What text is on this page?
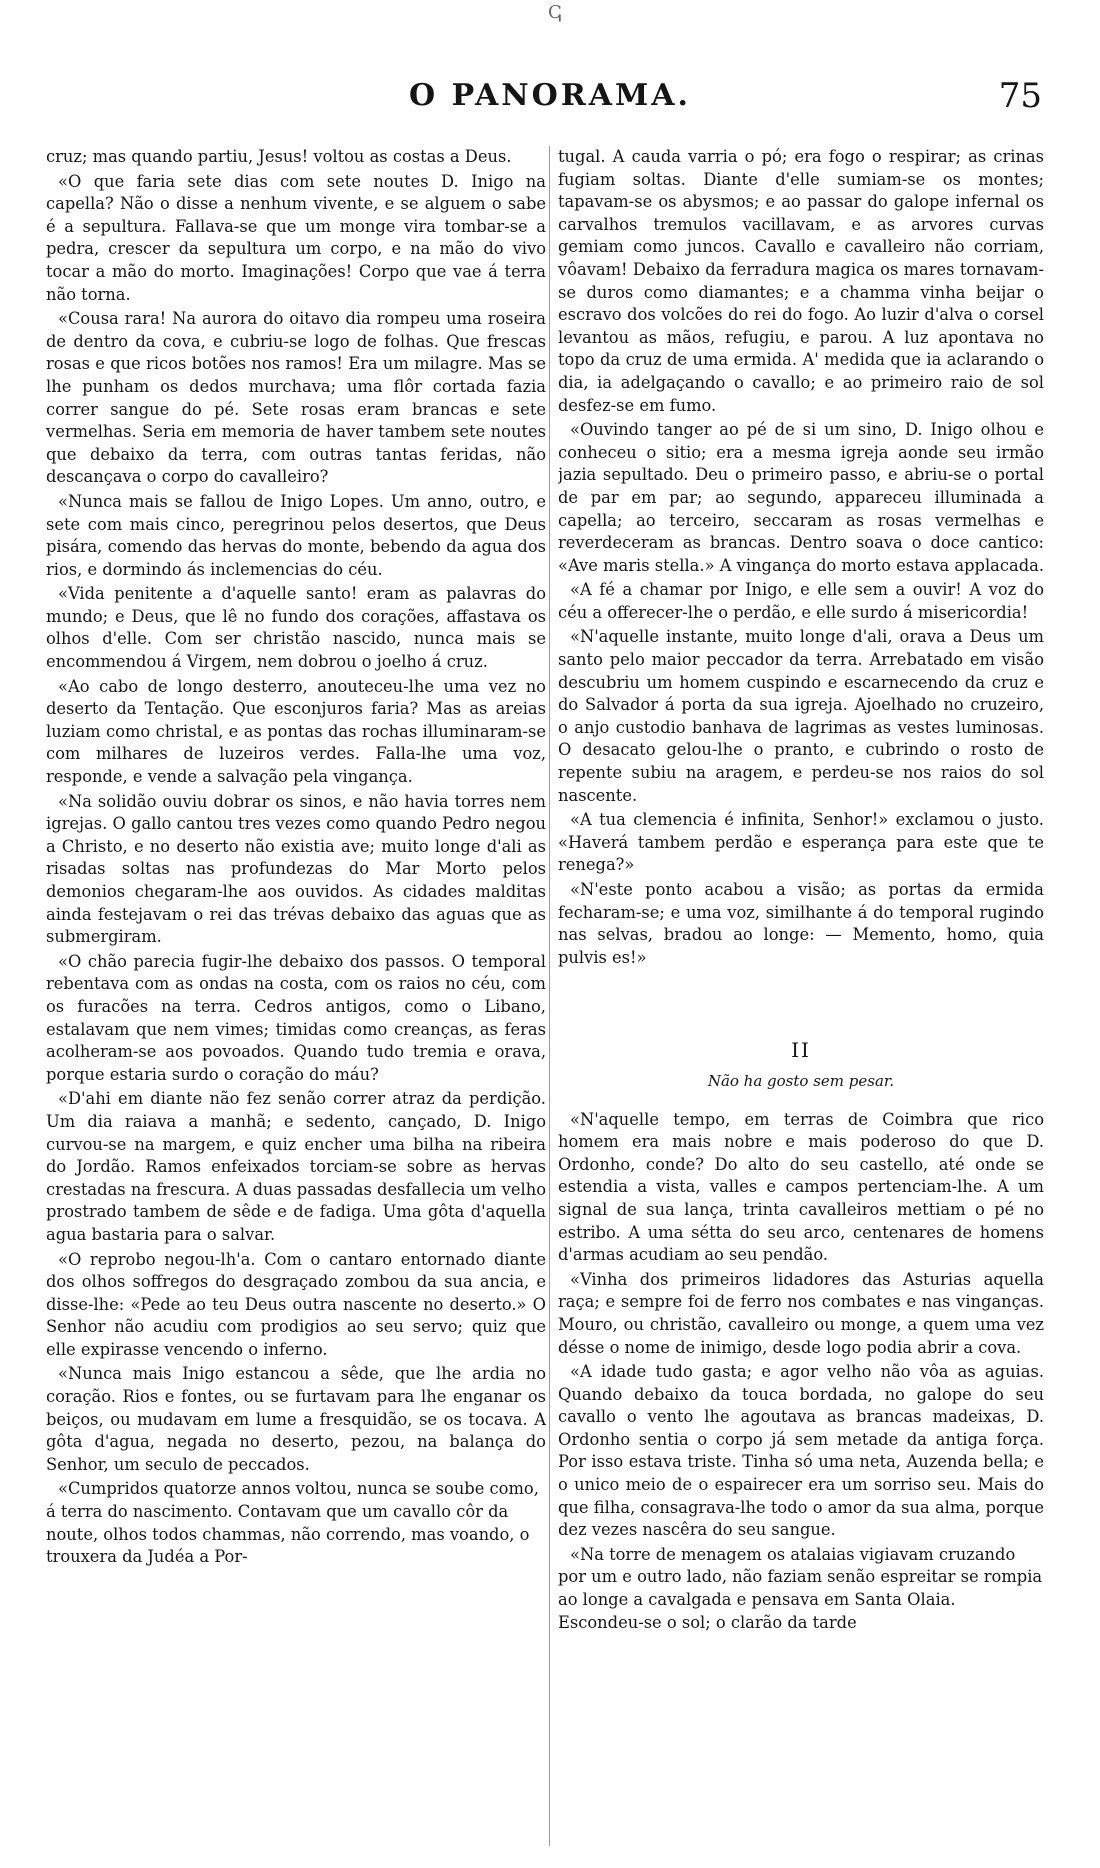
ↅ
O PANORAMA.	75

cruz; mas quando partiu, Jesus! voltou as costas a Deus.

«O que faria sete dias com sete noutes D. Inigo na capella? Não o disse a nenhum vivente, e se alguem o sabe é a sepultura. Fallava-se que um monge vira tombar-se a pedra, crescer da sepultura um corpo, e na mão do vivo tocar a mão do morto. Imaginações! Corpo que vae á terra não torna.

«Cousa rara! Na aurora do oitavo dia rompeu uma roseira de dentro da cova, e cubriu-se logo de folhas. Que frescas rosas e que ricos botões nos ramos! Era um milagre. Mas se lhe punham os dedos murchava; uma flôr cortada fazia correr sangue do pé. Sete rosas eram brancas e sete vermelhas. Seria em memoria de haver tambem sete noutes que debaixo da terra, com outras tantas feridas, não descançava o corpo do cavalleiro?

«Nunca mais se fallou de Inigo Lopes. Um anno, outro, e sete com mais cinco, peregrinou pelos desertos, que Deus pisára, comendo das hervas do monte, bebendo da agua dos rios, e dormindo ás inclemencias do céu.

«Vida penitente a d'aquelle santo! eram as palavras do mundo; e Deus, que lê no fundo dos corações, affastava os olhos d'elle. Com ser christão nascido, nunca mais se encommendou á Virgem, nem dobrou o joelho á cruz.

«Ao cabo de longo desterro, anouteceu-lhe uma vez no deserto da Tentação. Que esconjuros faria? Mas as areias luziam como christal, e as pontas das rochas illuminaram-se com milhares de luzeiros verdes. Falla-lhe uma voz, responde, e vende a salvação pela vingança.

«Na solidão ouviu dobrar os sinos, e não havia torres nem igrejas. O gallo cantou tres vezes como quando Pedro negou a Christo, e no deserto não existia ave; muito longe d'ali as risadas soltas nas profundezas do Mar Morto pelos demonios chegaram-lhe aos ouvidos. As cidades malditas ainda festejavam o rei das trévas debaixo das aguas que as submergiram.

«O chão parecia fugir-lhe debaixo dos passos. O temporal rebentava com as ondas na costa, com os raios no céu, com os furacões na terra. Cedros antigos, como o Libano, estalavam que nem vimes; timidas como creanças, as feras acolheram-se aos povoados. Quando tudo tremia e orava, porque estaria surdo o coração do máu?

«D'ahi em diante não fez senão correr atraz da perdição. Um dia raiava a manhã; e sedento, cançado, D. Inigo curvou-se na margem, e quiz encher uma bilha na ribeira do Jordão. Ramos enfeixados torciam-se sobre as hervas crestadas na frescura. A duas passadas desfallecia um velho prostrado tambem de sêde e de fadiga. Uma gôta d'aquella agua bastaria para o salvar.

«O reprobo negou-lh'a. Com o cantaro entornado diante dos olhos soffregos do desgraçado zombou da sua ancia, e disse-lhe: «Pede ao teu Deus outra nascente no deserto.» O Senhor não acudiu com prodigios ao seu servo; quiz que elle expirasse vencendo o inferno.

«Nunca mais Inigo estancou a sêde, que lhe ardia no coração. Rios e fontes, ou se furtavam para lhe enganar os beiços, ou mudavam em lume a fresquidão, se os tocava. A gôta d'agua, negada no deserto, pezou, na balança do Senhor, um seculo de peccados.

«Cumpridos quatorze annos voltou, nunca se soube como, á terra do nascimento. Contavam que um cavallo côr da noute, olhos todos chammas, não correndo, mas voando, o trouxera da Judéa a Por-

tugal. A cauda varria o pó; era fogo o respirar; as crinas fugiam soltas. Diante d'elle sumiam-se os montes; tapavam-se os abysmos; e ao passar do galope infernal os carvalhos tremulos vacillavam, e as arvores curvas gemiam como juncos. Cavallo e cavalleiro não corriam, vôavam! Debaixo da ferradura magica os mares tornavam-se duros como diamantes; e a chamma vinha beijar o escravo dos volcões do rei do fogo. Ao luzir d'alva o corsel levantou as mãos, refugiu, e parou. A luz apontava no topo da cruz de uma ermida. A' medida que ia aclarando o dia, ia adelgaçando o cavallo; e ao primeiro raio de sol desfez-se em fumo.

«Ouvindo tanger ao pé de si um sino, D. Inigo olhou e conheceu o sitio; era a mesma igreja aonde seu irmão jazia sepultado. Deu o primeiro passo, e abriu-se o portal de par em par; ao segundo, appareceu illuminada a capella; ao terceiro, seccaram as rosas vermelhas e reverdeceram as brancas. Dentro soava o doce cantico: «Ave maris stella.» A vingança do morto estava applacada.

«A fé a chamar por Inigo, e elle sem a ouvir! A voz do céu a offerecer-lhe o perdão, e elle surdo á misericordia!

«N'aquelle instante, muito longe d'ali, orava a Deus um santo pelo maior peccador da terra. Arrebatado em visão descubriu um homem cuspindo e escarnecendo da cruz e do Salvador á porta da sua igreja. Ajoelhado no cruzeiro, o anjo custodio banhava de lagrimas as vestes luminosas. O desacato gelou-lhe o pranto, e cubrindo o rosto de repente subiu na aragem, e perdeu-se nos raios do sol nascente.

«A tua clemencia é infinita, Senhor!» exclamou o justo. «Haverá tambem perdão e esperança para este que te renega?»

«N'este ponto acabou a visão; as portas da ermida fecharam-se; e uma voz, similhante á do temporal rugindo nas selvas, bradou ao longe: — Memento, homo, quia pulvis es!»

II
Não ha gosto sem pesar.

«N'aquelle tempo, em terras de Coimbra que rico homem era mais nobre e mais poderoso do que D. Ordonho, conde? Do alto do seu castello, até onde se estendia a vista, valles e campos pertenciam-lhe. A um signal de sua lança, trinta cavalleiros mettiam o pé no estribo. A uma sétta do seu arco, centenares de homens d'armas acudiam ao seu pendão.

«Vinha dos primeiros lidadores das Asturias aquella raça; e sempre foi de ferro nos combates e nas vinganças. Mouro, ou christão, cavalleiro ou monge, a quem uma vez désse o nome de inimigo, desde logo podia abrir a cova.

«A idade tudo gasta; e agor velho não vôa as aguias. Quando debaixo da touca bordada, no galope do seu cavallo o vento lhe agoutava as brancas madeixas, D. Ordonho sentia o corpo já sem metade da antiga força. Por isso estava triste. Tinha só uma neta, Auzenda bella; e o unico meio de o espairecer era um sorriso seu. Mais do que filha, consagrava-lhe todo o amor da sua alma, porque dez vezes nascêra do seu sangue.

«Na torre de menagem os atalaias vigiavam cruzando por um e outro lado, não faziam senão espreitar se rompia ao longe a cavalgada e pensava em Santa Olaia. Escondeu-se o sol; o clarão da tarde
